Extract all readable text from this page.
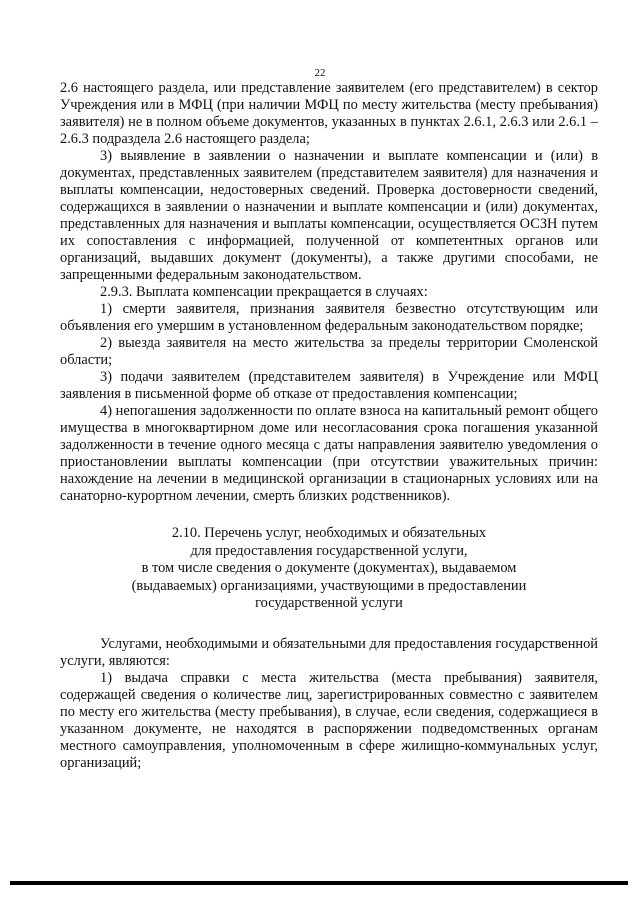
22

2.6 настоящего раздела, или представление заявителем (его представителем) в сектор Учреждения или в МФЦ (при наличии МФЦ по месту жительства (месту пребывания) заявителя) не в полном объеме документов, указанных в пунктах 2.6.1, 2.6.3 или 2.6.1 – 2.6.3 подраздела 2.6 настоящего раздела;

3) выявление в заявлении о назначении и выплате компенсации и (или) в документах, представленных заявителем (представителем заявителя) для назначения и выплаты компенсации, недостоверных сведений. Проверка достоверности сведений, содержащихся в заявлении о назначении и выплате компенсации и (или) документах, представленных для назначения и выплаты компенсации, осуществляется ОСЗН путем их сопоставления с информацией, полученной от компетентных органов или организаций, выдавших документ (документы), а также другими способами, не запрещенными федеральным законодательством.

2.9.3. Выплата компенсации прекращается в случаях:

1) смерти заявителя, признания заявителя безвестно отсутствующим или объявления его умершим в установленном федеральным законодательством порядке;

2) выезда заявителя на место жительства за пределы территории Смоленской области;

3) подачи заявителем (представителем заявителя) в Учреждение или МФЦ заявления в письменной форме об отказе от предоставления компенсации;

4) непогашения задолженности по оплате взноса на капитальный ремонт общего имущества в многоквартирном доме или несогласования срока погашения указанной задолженности в течение одного месяца с даты направления заявителю уведомления о приостановлении выплаты компенсации (при отсутствии уважительных причин: нахождение на лечении в медицинской организации в стационарных условиях или на санаторно-курортном лечении, смерть близких родственников).

2.10. Перечень услуг, необходимых и обязательных
для предоставления государственной услуги,
в том числе сведения о документе (документах), выдаваемом
(выдаваемых) организациями, участвующими в предоставлении
государственной услуги

Услугами, необходимыми и обязательными для предоставления государственной услуги, являются:

1) выдача справки с места жительства (места пребывания) заявителя, содержащей сведения о количестве лиц, зарегистрированных совместно с заявителем по месту его жительства (месту пребывания), в случае, если сведения, содержащиеся в указанном документе, не находятся в распоряжении подведомственных органам местного самоуправления, уполномоченным в сфере жилищно-коммунальных услуг, организаций;
